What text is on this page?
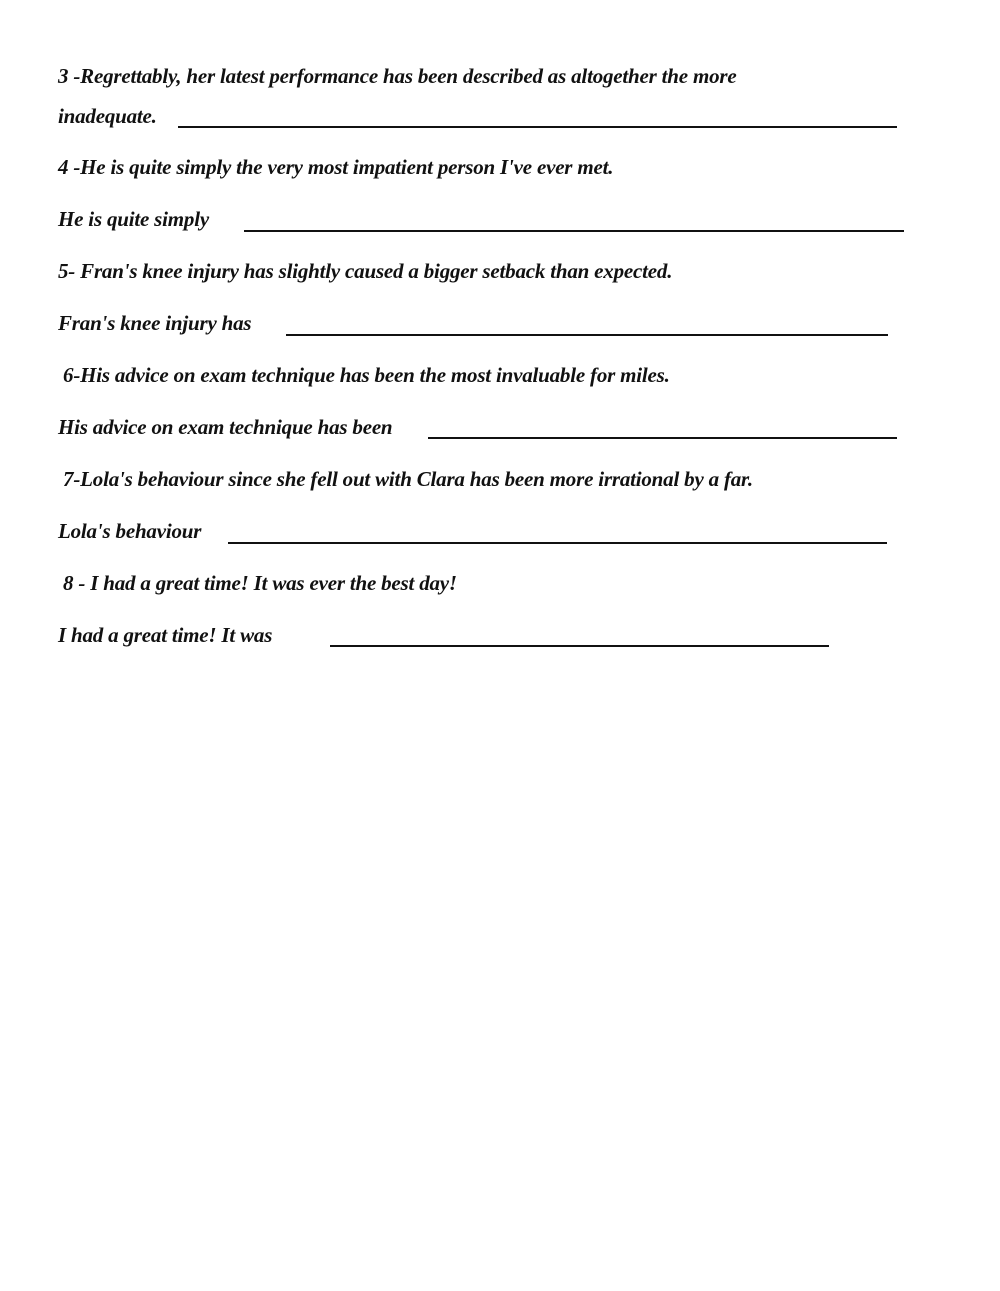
3 -Regrettably, her latest performance has been described as altogether the more
inadequate.
4 -He is quite simply the very most impatient person I've ever met.
He is quite simply
5- Fran's knee injury has slightly caused a bigger setback than expected.
Fran's knee injury has
6-His advice on exam technique has been the most invaluable for miles.
His advice on exam technique has been
7-Lola's behaviour since she fell out with Clara has been more irrational by a far.
Lola's behaviour
8 - I had a great time! It was ever the best day!
I had a great time! It was
